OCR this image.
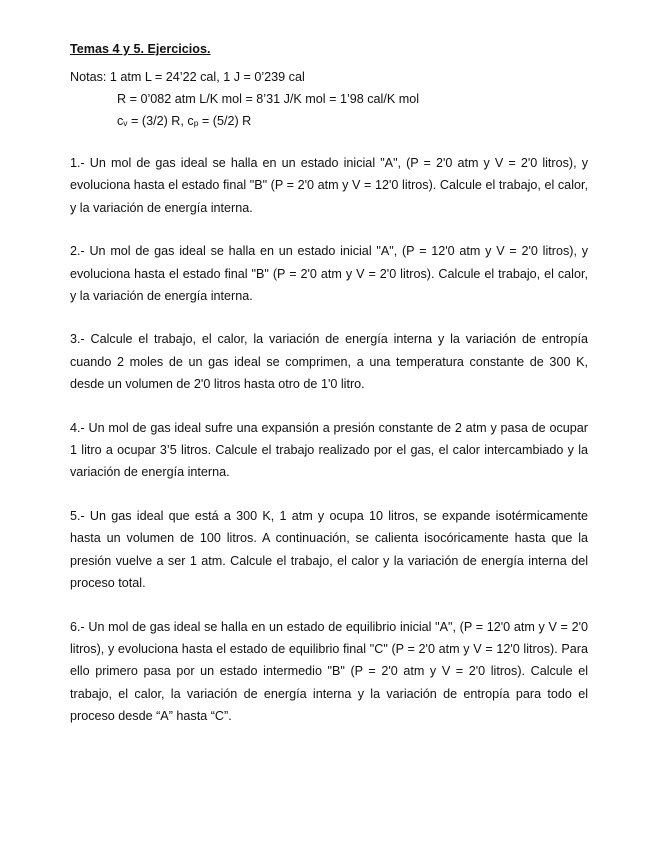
Temas 4 y 5. Ejercicios.
Notas: 1 atm L = 24’22 cal, 1 J = 0’239 cal
R = 0’082 atm L/K mol = 8’31 J/K mol = 1’98 cal/K mol
cv = (3/2) R, cp = (5/2) R

1.- Un mol de gas ideal se halla en un estado inicial "A", (P = 2'0 atm y V = 2'0 litros), y evoluciona hasta el estado final "B" (P = 2'0 atm y V = 12'0 litros). Calcule el trabajo, el calor, y la variación de energía interna.

2.- Un mol de gas ideal se halla en un estado inicial "A", (P = 12'0 atm y V = 2'0 litros), y evoluciona hasta el estado final "B" (P = 2'0 atm y V = 2'0 litros). Calcule el trabajo, el calor, y la variación de energía interna.

3.- Calcule el trabajo, el calor, la variación de energía interna y la variación de entropía cuando 2 moles de un gas ideal se comprimen, a una temperatura constante de 300 K, desde un volumen de 2'0 litros hasta otro de 1'0 litro.

4.- Un mol de gas ideal sufre una expansión a presión constante de 2 atm y pasa de ocupar 1 litro a ocupar 3’5 litros. Calcule el trabajo realizado por el gas, el calor intercambiado y la variación de energía interna.

5.- Un gas ideal que está a 300 K, 1 atm y ocupa 10 litros, se expande isotérmicamente hasta un volumen de 100 litros. A continuación, se calienta isocóricamente hasta que la presión vuelve a ser 1 atm. Calcule el trabajo, el calor y la variación de energía interna del proceso total.

6.- Un mol de gas ideal se halla en un estado de equilibrio inicial "A", (P = 12'0 atm y V = 2'0 litros), y evoluciona hasta el estado de equilibrio final "C" (P = 2'0 atm y V = 12'0 litros). Para ello primero pasa por un estado intermedio "B" (P = 2'0 atm y V = 2'0 litros). Calcule el trabajo, el calor, la variación de energía interna y la variación de entropía para todo el proceso desde “A” hasta “C”.
